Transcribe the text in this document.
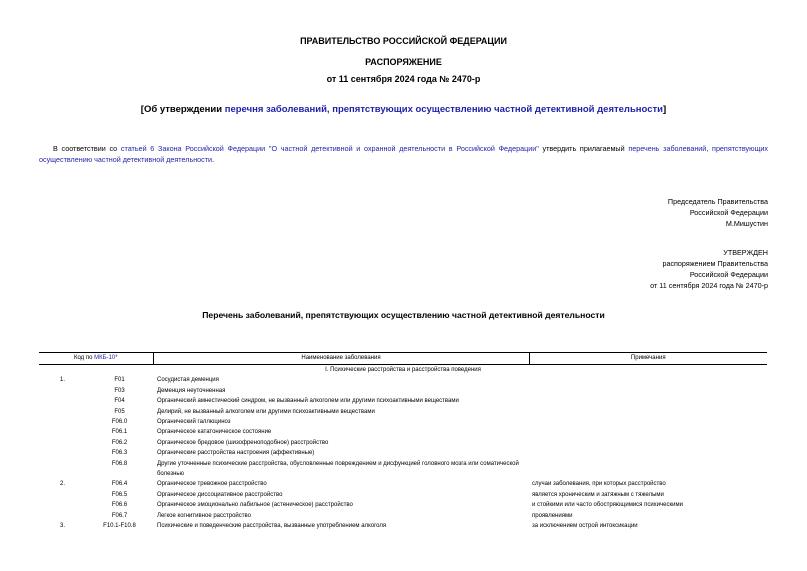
ПРАВИТЕЛЬСТВО РОССИЙСКОЙ ФЕДЕРАЦИИ
РАСПОРЯЖЕНИЕ
от 11 сентября 2024 года № 2470-р
[Об утверждении перечня заболеваний, препятствующих осуществлению частной детективной деятельности]
В соответствии со статьей 6 Закона Российской Федерации "О частной детективной и охранной деятельности в Российской Федерации" утвердить прилагаемый перечень заболеваний, препятствующих осуществлению частной детективной деятельности.
Председатель Правительства
Российской Федерации
М.Мишустин
УТВЕРЖДЕН
распоряжением Правительства
Российской Федерации
от 11 сентября 2024 года № 2470-р
Перечень заболеваний, препятствующих осуществлению частной детективной деятельности
Код по МКБ-10*		Наименование заболевания	Примечания
I. Психические расстройства и расстройства поведения			
1.	F01	Сосудистая деменция	
	F03	Деменция неуточненная	
	F04	Органический амнестический синдром, не вызванный алкоголем или другими психоактивными веществами	
	F05	Делирий, не вызванный алкоголем или другими психоактивными веществами	
	F06.0	Органический галлюциноз	
	F06.1	Органическое кататоническое состояние	
	F06.2	Органическое бредовое (шизофреноподобное) расстройство	
	F06.3	Органические расстройства настроения (аффективные)	
	F06.8	Другие уточненные психические расстройства, обусловленные повреждением и дисфункцией головного мозга или соматической болезнью	
2.	F06.4	Органическое тревожное расстройство	случаи заболевания, при которых расстройство
	F06.5	Органическое диссоциативное расстройство	является хроническим и затяжным с тяжелыми
	F06.6	Органическое эмоционально лабильное (астеническое) расстройство	и стойкими или часто обостряющимися психическими
	F06.7	Легкое когнитивное расстройство	проявлениями
3.	F10.1-F10.8	Психические и поведенческие расстройства, вызванные употреблением алкоголя	за исключением острой интоксикации
